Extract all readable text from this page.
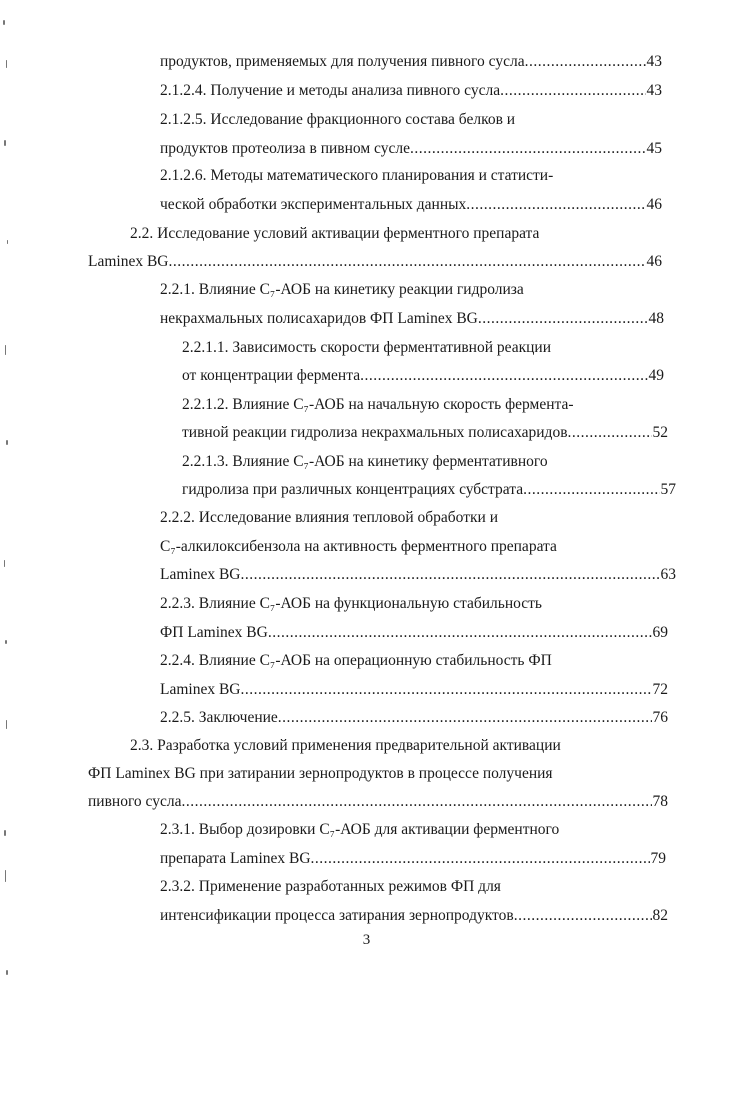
продуктов, применяемых для получения пивного сусла .....	43
2.1.2.4. Получение и методы анализа пивного сусла .....	43
2.1.2.5. Исследование фракционного состава белков и
продуктов протеолиза в пивном сусле .....	45
2.1.2.6. Методы математического планирования и статисти-
ческой обработки экспериментальных данных .....	46
2.2. Исследование условий активации ферментного препарата
Laminex BG .....	46
2.2.1. Влияние С₇-АОБ на кинетику реакции гидролиза
некрахмальных полисахаридов ФП Laminex BG .....	48
2.2.1.1. Зависимость скорости ферментативной реакции
от концентрации фермента .....	49
2.2.1.2. Влияние С₇-АОБ на начальную скорость фермента-
тивной реакции гидролиза некрахмальных полисахаридов .....	52
2.2.1.3. Влияние С₇-АОБ на кинетику ферментативного
гидролиза при различных концентрациях субстрата .....	57
2.2.2. Исследование влияния тепловой обработки и
С₇-алкилоксибензола на активность ферментного препарата
Laminex BG .....	63
2.2.3. Влияние С₇-АОБ на функциональную стабильность
ФП Laminex BG .....	69
2.2.4. Влияние С₇-АОБ на операционную стабильность ФП
Laminex BG .....	72
2.2.5. Заключение .....	76
2.3. Разработка условий применения предварительной активации
ФП Laminex BG при затирании зернопродуктов в процессе получения
пивного сусла .....	78
2.3.1. Выбор дозировки С₇-АОБ для активации ферментного
препарата Laminex BG .....	79
2.3.2. Применение разработанных режимов ФП для
интенсификации процесса затирания зернопродуктов .....	82
3
